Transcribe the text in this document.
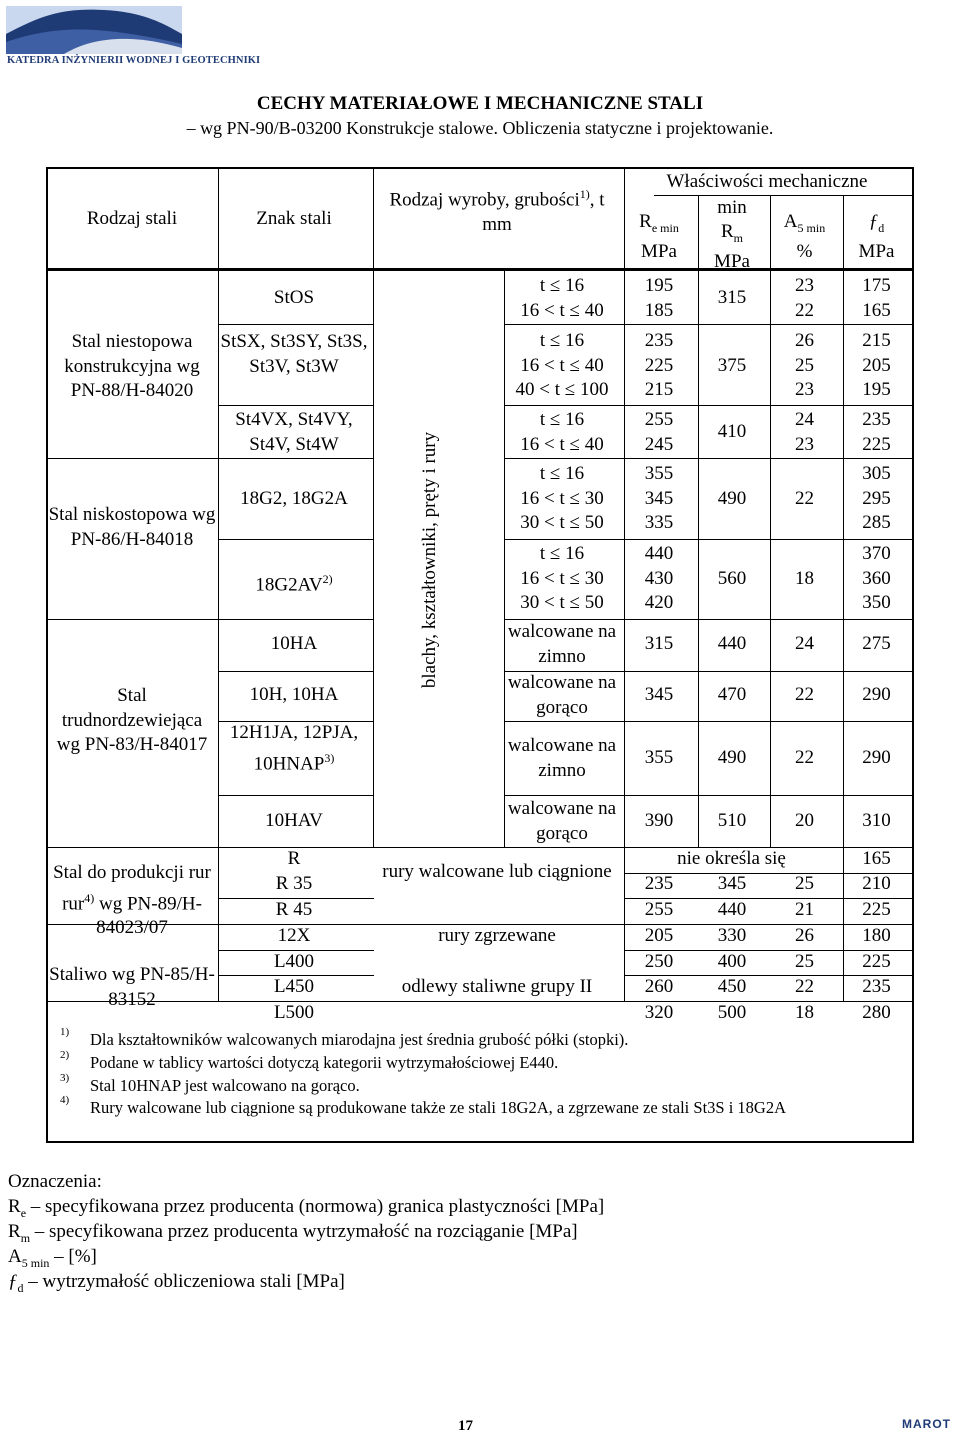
KATEDRA INŻYNIERII WODNEJ I GEOTECHNIKI
CECHY MATERIAŁOWE I MECHANICZNE STALI
– wg PN-90/B-03200 Konstrukcje stalowe. Obliczenia statyczne i projektowanie.
Rodzaj stali	Znak stali
Rodzaj wyroby, grubości$^{1)}$, t
mm
Właściwości mechaniczne
$R_{e min}$
MPa
min
$R_m$
MPa
$A_{5 min}$
%
$ƒ_d$
MPa
Stal niestopowa konstrukcyjna wg PN-88/H-84020
Stal niskostopowa wg PN-86/H-84018
Stal trudnordzewiejąca wg PN-83/H-84017
Stal do produkcji rur
rur$^{4)}$ wg PN-89/H-84023/07
Staliwo wg PN-85/H-83152
StOS
StSX, St3SY, St3S, St3V, St3W
St4VX, St4VY, St4V, St4W
18G2, 18G2A
18G2AV$^{2)}$
10HA
10H, 10HA
12H1JA, 12PJA, 10HNAP$^{3)}$
10HAV
R
R 35
R 45
12X
L400
L450
L500
blachy, kształtowniki, pręty i rury
t ≤ 16
16 < t ≤ 40
t ≤ 16
16 < t ≤ 40
40 < t ≤ 100
t ≤ 16
16 < t ≤ 40
t ≤ 16
16 < t ≤ 30
30 < t ≤ 50
t ≤ 16
16 < t ≤ 30
30 < t ≤ 50
walcowane na zimno
walcowane na gorąco
walcowane na zimno
walcowane na gorąco
rury walcowane lub ciągnione
rury zgrzewane
odlewy staliwne grupy II
195
185
235
225
215
255
245
355
345
335
440
430
420
315
345
355
390
235
255
205
250
260
320
315
375
410
490
560
440
470
490
510
nie określa się
345
440
330
400
450
500
23
22
26
25
23
24
23
22
18
24
22
22
20
25
21
26
25
22
18
175
165
215
205
195
235
225
305
295
285
370
360
350
275
290
290
310
165
210
225
180
225
235
280
1) Dla kształtowników walcowanych miarodajna jest średnia grubość półki (stopki).
2) Podane w tablicy wartości dotyczą kategorii wytrzymałościowej E440.
3) Stal 10HNAP jest walcowano na gorąco.
4) Rury walcowane lub ciągnione są produkowane także ze stali 18G2A, a zgrzewane ze stali St3S i 18G2A
Oznaczenia:
$R_e$ – specyfikowana przez producenta (normowa) granica plastyczności [MPa]
$R_m$ – specyfikowana przez producenta wytrzymałość na rozciąganie [MPa]
$A_{5 min}$ – [%]
$ƒ_d$ – wytrzymałość obliczeniowa stali [MPa]
17	MAROT
